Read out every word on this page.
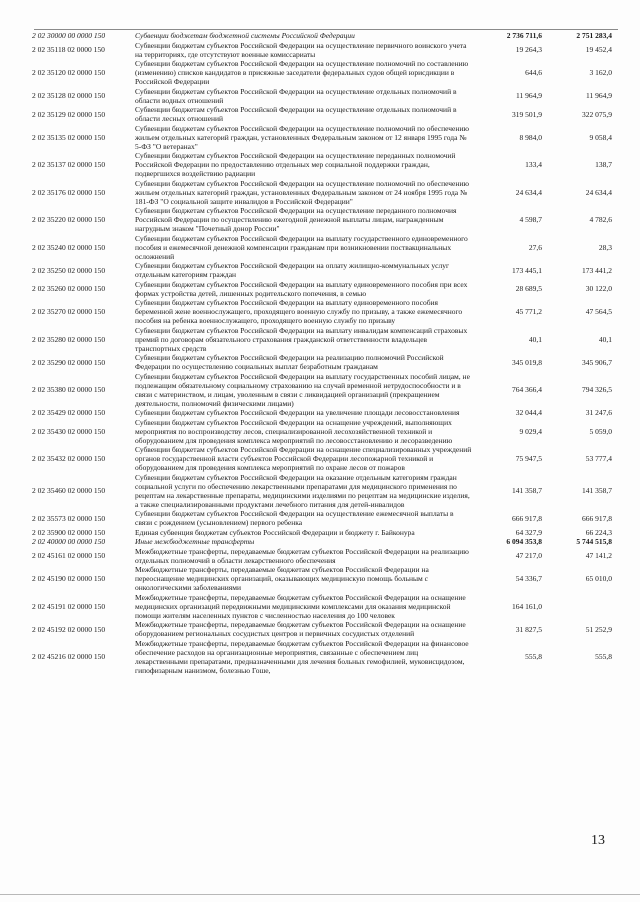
2 02 30000 00 0000 150	Субвенции бюджетам бюджетной системы Российской Федерации	2 736 711,6	2 751 283,4
2 02 35118 02 0000 150	Субвенции бюджетам субъектов Российской Федерации на осуществление первичного воинского учета на территориях, где отсутствуют военные комиссариаты	19 264,3	19 452,4
2 02 35120 02 0000 150	Субвенции бюджетам субъектов Российской Федерации на осуществление полномочий по составлению (изменению) списков кандидатов в присяжные заседатели федеральных судов общей юрисдикции в Российской Федерации	644,6	3 162,0
2 02 35128 02 0000 150	Субвенции бюджетам субъектов Российской Федерации на осуществление отдельных полномочий в области водных отношений	11 964,9	11 964,9
2 02 35129 02 0000 150	Субвенции бюджетам субъектов Российской Федерации на осуществление отдельных полномочий в области лесных отношений	319 501,9	322 075,9
2 02 35135 02 0000 150	Субвенции бюджетам субъектов Российской Федерации на осуществление полномочий по обеспечению жильем отдельных категорий граждан, установленных Федеральным законом от 12 января 1995 года № 5-ФЗ "О ветеранах"	8 984,0	9 058,4
2 02 35137 02 0000 150	Субвенции бюджетам субъектов Российской Федерации на осуществление переданных полномочий Российской Федерации по предоставлению отдельных мер социальной поддержки граждан, подвергшихся воздействию радиации	133,4	138,7
2 02 35176 02 0000 150	Субвенции бюджетам субъектов Российской Федерации на осуществление полномочий по обеспечению жильем отдельных категорий граждан, установленных Федеральным законом от 24 ноября 1995 года № 181-ФЗ "О социальной защите инвалидов в Российской Федерации"	24 634,4	24 634,4
2 02 35220 02 0000 150	Субвенции бюджетам субъектов Российской Федерации на осуществление переданного полномочия Российской Федерации по осуществлению ежегодной денежной выплаты лицам, награжденным нагрудным знаком "Почетный донор России"	4 598,7	4 782,6
2 02 35240 02 0000 150	Субвенции бюджетам субъектов Российской Федерации на выплату государственного единовременного пособия и ежемесячной денежной компенсации гражданам при возникновении поствакцинальных осложнений	27,6	28,3
2 02 35250 02 0000 150	Субвенции бюджетам субъектов Российской Федерации на оплату жилищно-коммунальных услуг отдельным категориям граждан	173 445,1	173 441,2
2 02 35260 02 0000 150	Субвенции бюджетам субъектов Российской Федерации на выплату единовременного пособия при всех формах устройства детей, лишенных родительского попечения, в семью	28 689,5	30 122,0
2 02 35270 02 0000 150	Субвенции бюджетам субъектов Российской Федерации на выплату единовременного пособия беременной жене военнослужащего, проходящего военную службу по призыву, а также ежемесячного пособия на ребенка военнослужащего, проходящего военную службу по призыву	45 771,2	47 564,5
2 02 35280 02 0000 150	Субвенции бюджетам субъектов Российской Федерации на выплату инвалидам компенсаций страховых премий по договорам обязательного страхования гражданской ответственности владельцев транспортных средств	40,1	40,1
2 02 35290 02 0000 150	Субвенции бюджетам субъектов Российской Федерации на реализацию полномочий Российской Федерации по осуществлению социальных выплат безработным гражданам	345 019,8	345 906,7
2 02 35380 02 0000 150	Субвенции бюджетам субъектов Российской Федерации на выплату государственных пособий лицам, не подлежащим обязательному социальному страхованию на случай временной нетрудоспособности и в связи с материнством, и лицам, уволенным в связи с ликвидацией организаций (прекращением деятельности, полномочий физическими лицами)	764 366,4	794 326,5
2 02 35429 02 0000 150	Субвенции бюджетам субъектов Российской Федерации на увеличение площади лесовосстановления	32 044,4	31 247,6
2 02 35430 02 0000 150	Субвенции бюджетам субъектов Российской Федерации на оснащение учреждений, выполняющих мероприятия по воспроизводству лесов, специализированной лесохозяйственной техникой и оборудованием для проведения комплекса мероприятий по лесовосстановлению и лесоразведению	9 029,4	5 059,0
2 02 35432 02 0000 150	Субвенции бюджетам субъектов Российской Федерации на оснащение специализированных учреждений органов государственной власти субъектов Российской Федерации лесопожарной техникой и оборудованием для проведения комплекса мероприятий по охране лесов от пожаров	75 947,5	53 777,4
2 02 35460 02 0000 150	Субвенции бюджетам субъектов Российской Федерации на оказание отдельным категориям граждан социальной услуги по обеспечению лекарственными препаратами для медицинского применения по рецептам на лекарственные препараты, медицинскими изделиями по рецептам на медицинские изделия, а также специализированными продуктами лечебного питания для детей-инвалидов	141 358,7	141 358,7
2 02 35573 02 0000 150	Субвенции бюджетам субъектов Российской Федерации на осуществление ежемесячной выплаты в связи с рождением (усыновлением) первого ребенка	666 917,8	666 917,8
2 02 35900 02 0000 150	Единая субвенция бюджетам субъектов Российской Федерации и бюджету г. Байконура	64 327,9	66 224,3
2 02 40000 00 0000 150	Иные межбюджетные трансферты	6 094 353,8	5 744 515,8
2 02 45161 02 0000 150	Межбюджетные трансферты, передаваемые бюджетам субъектов Российской Федерации на реализацию отдельных полномочий в области лекарственного обеспечения	47 217,0	47 141,2
2 02 45190 02 0000 150	Межбюджетные трансферты, передаваемые бюджетам субъектов Российской Федерации на переоснащение медицинских организаций, оказывающих медицинскую помощь больным с онкологическими заболеваниями	54 336,7	65 010,0
2 02 45191 02 0000 150	Межбюджетные трансферты, передаваемые бюджетам субъектов Российской Федерации на оснащение медицинских организаций передвижными медицинскими комплексами для оказания медицинской помощи жителям населенных пунктов с численностью населения до 100 человек	164 161,0	
2 02 45192 02 0000 150	Межбюджетные трансферты, передаваемые бюджетам субъектов Российской Федерации на оснащение оборудованием региональных сосудистых центров и первичных сосудистых отделений	31 827,5	51 252,9
2 02 45216 02 0000 150	Межбюджетные трансферты, передаваемые бюджетам субъектов Российской Федерации на финансовое обеспечение расходов на организационные мероприятия, связанные с обеспечением лиц лекарственными препаратами, предназначенными для лечения больных гемофилией, муковисцидозом, гипофизарным нанизмом, болезнью Гоше,	555,8	555,8
13
